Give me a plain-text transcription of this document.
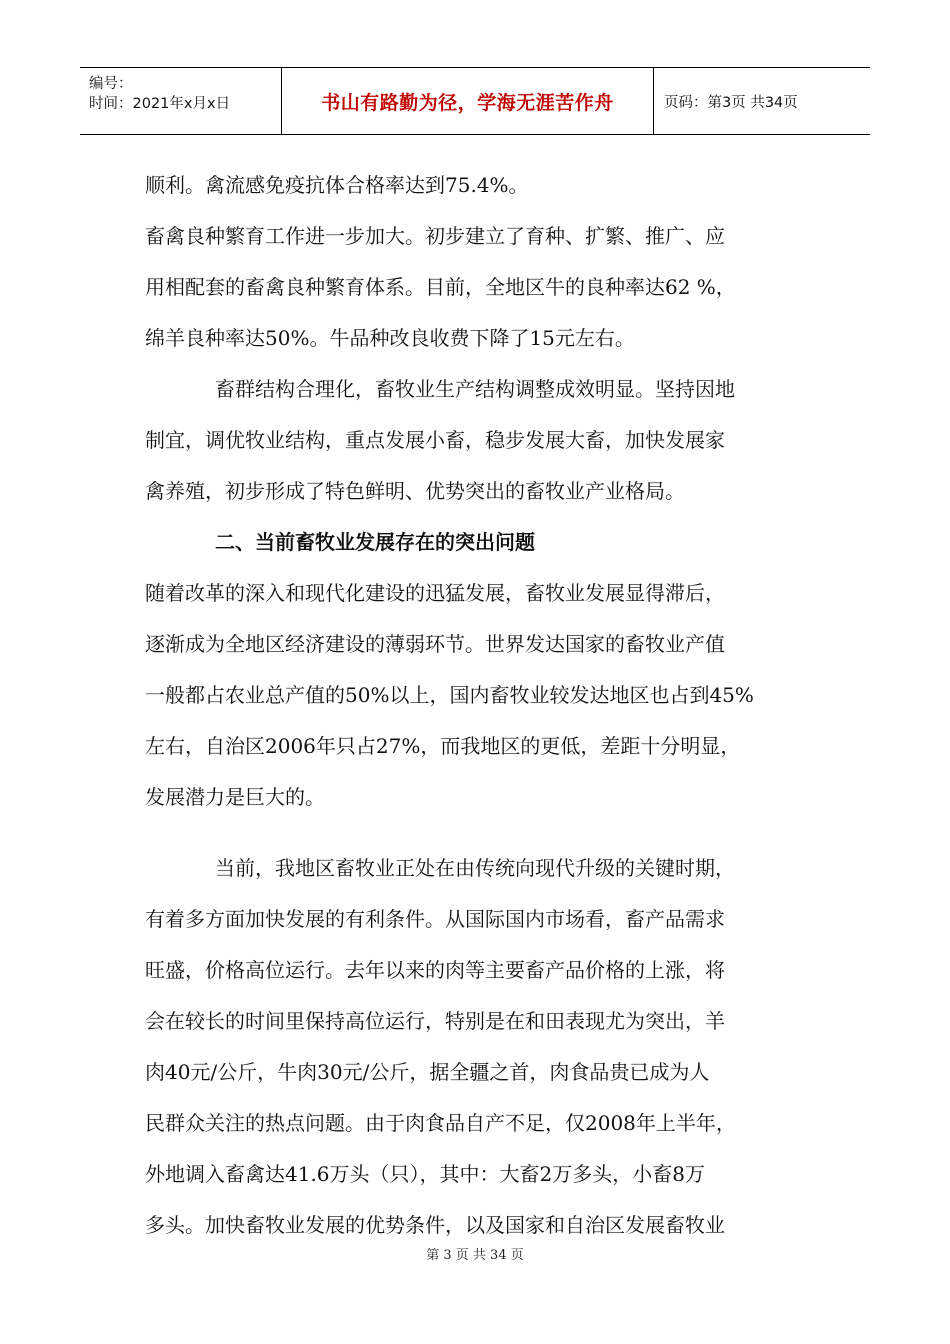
编号：
时间：2021年x月x日	书山有路勤为径，学海无涯苦作舟	页码：第3页 共34页
顺利。禽流感免疫抗体合格率达到75.4%。
畜禽良种繁育工作进一步加大。初步建立了育种、扩繁、推广、应
用相配套的畜禽良种繁育体系。目前，全地区牛的良种率达62 %，
绵羊良种率达50%。牛品种改良收费下降了15元左右。
畜群结构合理化，畜牧业生产结构调整成效明显。坚持因地
制宜，调优牧业结构，重点发展小畜，稳步发展大畜，加快发展家
禽养殖，初步形成了特色鲜明、优势突出的畜牧业产业格局。
二、当前畜牧业发展存在的突出问题
随着改革的深入和现代化建设的迅猛发展，畜牧业发展显得滞后，
逐渐成为全地区经济建设的薄弱环节。世界发达国家的畜牧业产值
一般都占农业总产值的50%以上，国内畜牧业较发达地区也占到45%
左右，自治区2006年只占27%，而我地区的更低，差距十分明显，
发展潜力是巨大的。
当前，我地区畜牧业正处在由传统向现代升级的关键时期，
有着多方面加快发展的有利条件。从国际国内市场看，畜产品需求
旺盛，价格高位运行。去年以来的肉等主要畜产品价格的上涨，将
会在较长的时间里保持高位运行，特别是在和田表现尤为突出，羊
肉40元/公斤，牛肉30元/公斤，据全疆之首，肉食品贵已成为人
民群众关注的热点问题。由于肉食品自产不足，仅2008年上半年，
外地调入畜禽达41.6万头（只），其中：大畜2万多头，小畜8万
多头。加快畜牧业发展的优势条件，以及国家和自治区发展畜牧业
第 3 页 共 34 页
